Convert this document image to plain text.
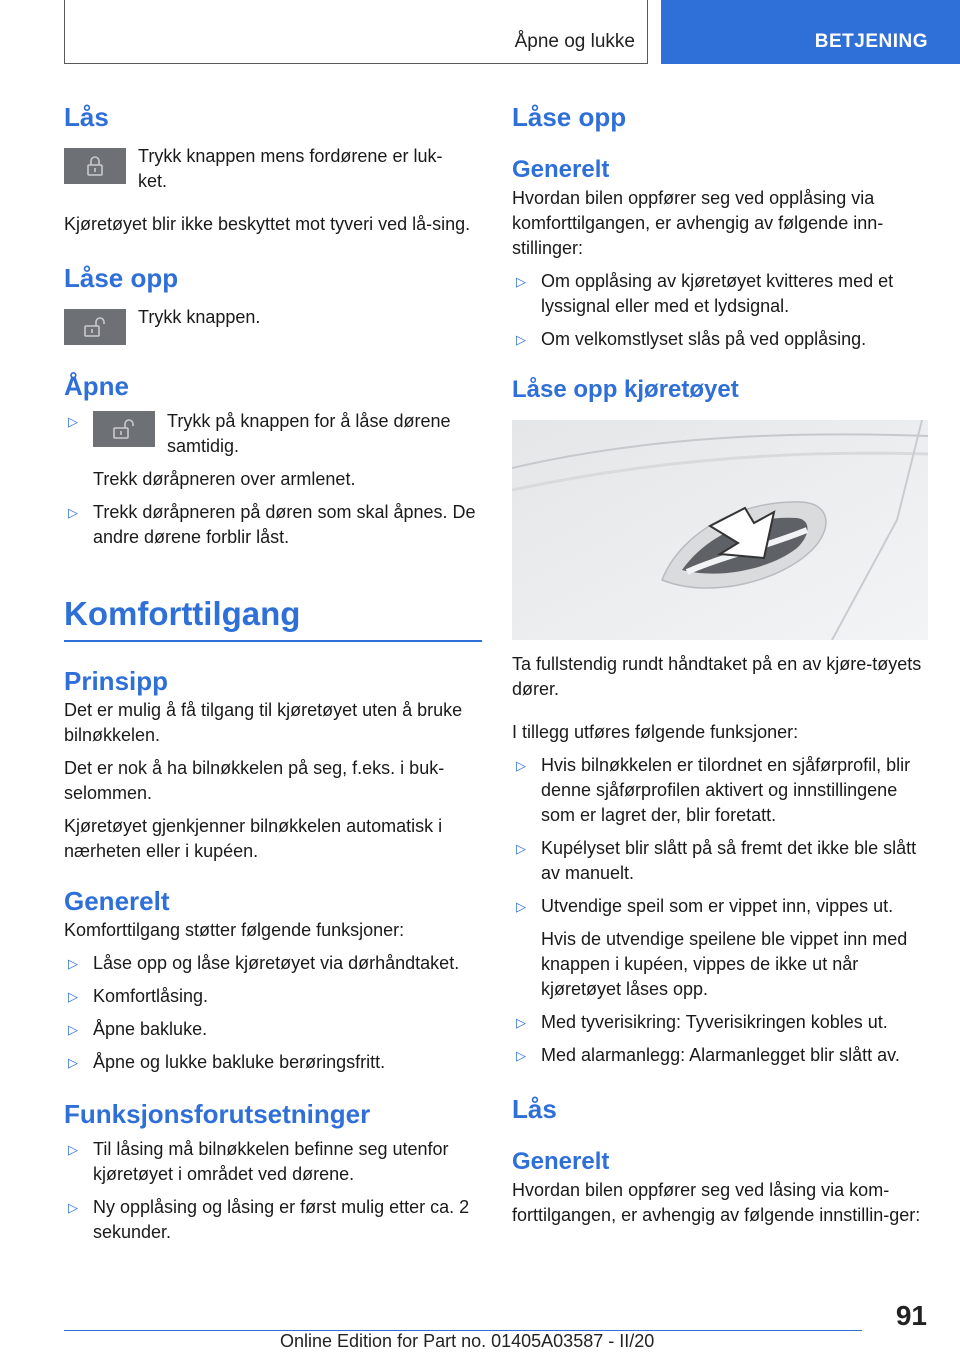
Åpne og lukke	BETJENING
Lås

Trykk knappen mens fordørene er luk-ket.

Kjøretøyet blir ikke beskyttet mot tyveri ved lå-sing.

Låse opp

Trykk knappen.

Åpne
▷	Trykk på knappen for å låse dørene samtidig.
Trekk døråpneren over armlenet.
▷ Trekk døråpneren på døren som skal åpnes. De andre dørene forblir låst.
Komforttilgang
Prinsipp

Det er mulig å få tilgang til kjøretøyet uten å bruke bilnøkkelen.

Det er nok å ha bilnøkkelen på seg, f.eks. i buk-selommen.

Kjøretøyet gjenkjenner bilnøkkelen automatisk i nærheten eller i kupéen.

Generelt

Komforttilgang støtter følgende funksjoner:

▷ Låse opp og låse kjøretøyet via dørhåndtaket.
▷ Komfortlåsing.
▷ Åpne bakluke.
▷ Åpne og lukke bakluke berøringsfritt.
Funksjonsforutsetninger
▷ Til låsing må bilnøkkelen befinne seg utenfor kjøretøyet i området ved dørene.
▷ Ny opplåsing og låsing er først mulig etter ca. 2 sekunder.
Låse opp
Generelt

Hvordan bilen oppfører seg ved opplåsing via komforttilgangen, er avhengig av følgende inn-stillinger:

▷ Om opplåsing av kjøretøyet kvitteres med et lyssignal eller med et lydsignal.
▷ Om velkomstlyset slås på ved opplåsing.
Låse opp kjøretøyet

Ta fullstendig rundt håndtaket på en av kjøre-tøyets dører.

I tillegg utføres følgende funksjoner:

▷ Hvis bilnøkkelen er tilordnet en sjåførprofil, blir denne sjåførprofilen aktivert og innstillingene som er lagret der, blir foretatt.
▷ Kupélyset blir slått på så fremt det ikke ble slått av manuelt.
▷ Utvendige speil som er vippet inn, vippes ut.
Hvis de utvendige speilene ble vippet inn med knappen i kupéen, vippes de ikke ut når kjøretøyet låses opp.
▷ Med tyverisikring: Tyverisikringen kobles ut.
▷ Med alarmanlegg: Alarmanlegget blir slått av.
Lås
Generelt

Hvordan bilen oppfører seg ved låsing via kom-forttilgangen, er avhengig av følgende innstillin-ger:

91
Online Edition for Part no. 01405A03587 - II/20
